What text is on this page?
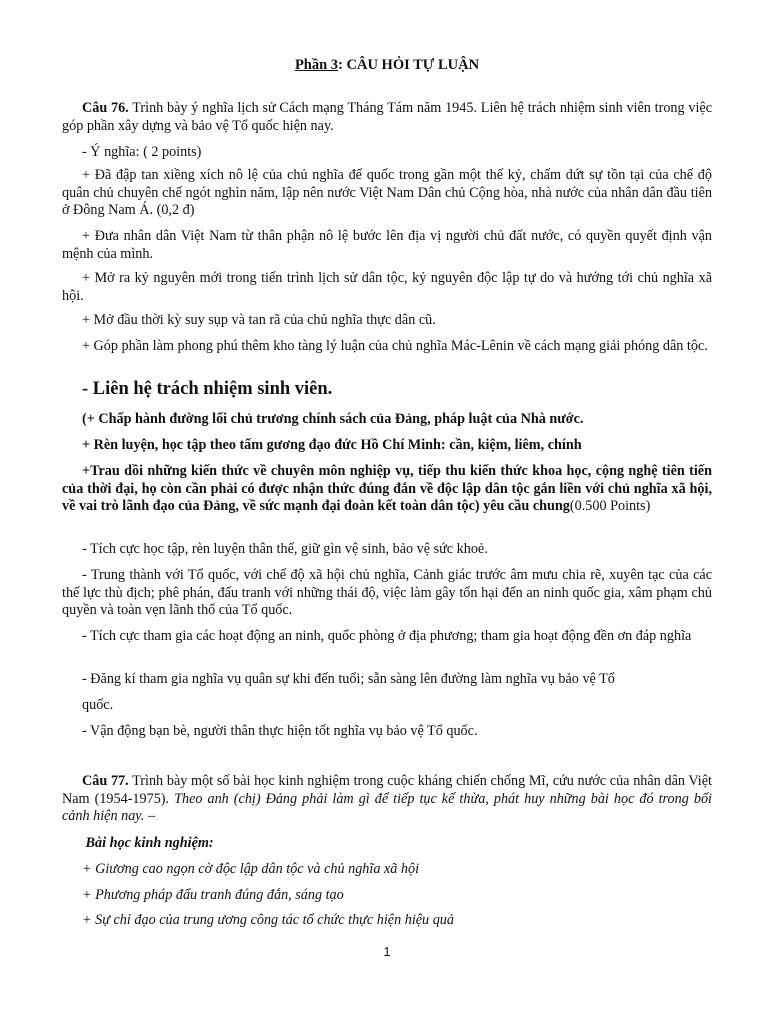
Phần 3: CÂU HỎI TỰ LUẬN

Câu 76. Trình bày ý nghĩa lịch sử Cách mạng Tháng Tám năm 1945. Liên hệ trách nhiệm sinh viên trong việc góp phần xây dựng và bảo vệ Tổ quốc hiện nay.

- Ý nghĩa: ( 2 points)

+ Đã đập tan xiềng xích nô lệ của chủ nghĩa đế quốc trong gần một thế kỷ, chấm dứt sự tồn tại của chế độ quân chủ chuyên chế ngót nghìn năm, lập nên nước Việt Nam Dân chủ Cộng hòa, nhà nước của nhân dân đầu tiên ở Đông Nam Á. (0,2 đ)

+ Đưa nhân dân Việt Nam từ thân phận nô lệ bước lên địa vị người chủ đất nước, có quyền quyết định vận mệnh của mình.

+ Mở ra kỷ nguyên mới trong tiến trình lịch sử dân tộc, kỷ nguyên độc lập tự do và hướng tới chủ nghĩa xã hội.

+ Mở đầu thời kỳ suy sụp và tan rã của chủ nghĩa thực dân cũ.

+ Góp phần làm phong phú thêm kho tàng lý luận của chủ nghĩa Mác-Lênin về cách mạng giải phóng dân tộc.

- Liên hệ trách nhiệm sinh viên.

(+ Chấp hành đường lối chủ trương chính sách của Đảng, pháp luật của Nhà nước.

+ Rèn luyện, học tập theo tấm gương đạo đức Hồ Chí Minh: cần, kiệm, liêm, chính

+Trau dồi những kiến thức về chuyên môn nghiệp vụ, tiếp thu kiến thức khoa học, cộng nghệ tiên tiến của thời đại, họ còn cần phải có được nhận thức đúng đắn về độc lập dân tộc gắn liền với chủ nghĩa xã hội, về vai trò lãnh đạo của Đảng, về sức mạnh đại đoàn kết toàn dân tộc) yêu cầu chung(0.500 Points)

- Tích cực học tập, rèn luyện thân thể, giữ gìn vệ sinh, bảo vệ sức khoẻ.

- Trung thành với Tổ quốc, với chế độ xã hội chủ nghĩa, Cảnh giác trước âm mưu chia rẽ, xuyên tạc của các thế lực thù địch; phê phán, đấu tranh với những thái độ, việc làm gây tổn hại đến an ninh quốc gia, xâm phạm chủ quyền và toàn vẹn lãnh thổ của Tổ quốc.

- Tích cực tham gia các hoạt động an ninh, quốc phòng ở địa phương; tham gia hoạt động đền ơn đáp nghĩa

- Đăng kí tham gia nghĩa vụ quân sự khi đến tuổi; sẵn sàng lên đường làm nghĩa vụ bảo vệ Tổ

quốc.

- Vận động bạn bè, người thân thực hiện tốt nghĩa vụ bảo vệ Tổ quốc.

Câu 77. Trình bày một số bài học kinh nghiệm trong cuộc kháng chiến chống Mĩ, cứu nước của nhân dân Việt Nam (1954-1975). Theo anh (chị) Đảng phải làm gì để tiếp tục kế thừa, phát huy những bài học đó trong bối cảnh hiện nay. –

Bài học kinh nghiệm:

+ Giương cao ngọn cờ độc lập dân tộc và chủ nghĩa xã hội

+ Phương pháp đấu tranh đúng đắn, sáng tạo

+ Sự chỉ đạo của trung ương công tác tổ chức thực hiện hiệu quả

1
